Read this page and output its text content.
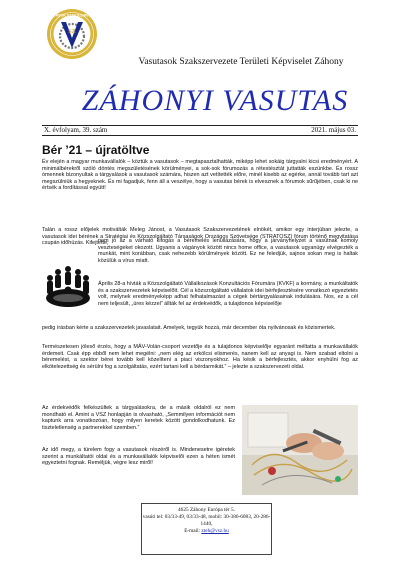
VASUTASOK SZAKSZERVEZETE
SZ
Vasutasok Szakszervezete Területi Képviselet Záhony
ZÁHONYI VASUTAS
X. évfolyam, 39. szám	2021. május 03.
Bér ’21 – újratöltve
Év elején a magyar munkavállalók – köztük a vasutasok – megtapasztalhatták, miképp lehet sokáig tárgyalni kicsi eredményért. A minimálbérekről szóló döntés megszületésének körülményei, a sok-sok fórumozás a rétestésztát juttatták eszünkbe. És rossz ómennek bizonyultak a tárgyalások a vasutasok számára, hiszen azt vetítették előre, minél kisebb az egérke, annál tovább tart azt megszülniük a hegyeknek. És mi fagadjuk, fenn áll a veszélye, hogy a vasutas bérek is elvesznek a fórumok sűrűjében, csak ki ne értsék a fordítással együtt!
Talán a rossz előjelek motiválták Meleg Jánost, a Vasutasok Szakszervezetének elnökét, amikor egy interjúban jelezte, a vasutasok idei bérének a Stratégiai és Közszolgáltató Társaságok Országos Szövetsége (STRATOSZ) fórum történő megvitatása csupán időhúzás. Kifejtette,
nem jó az a várható kifogás a béremelés lenullázására, hogy a járványhelyzet a vasútnak komoly veszteségeket okozott. Ugyanis a vágányok között nincs home office, a vasutasok ugyanúgy elvégezték a munkát, mint korábban, csak nehezebb körülmények között. Ez ne feledjük, sajnos sokan meg is haltak közülük a vírus miatt.
Április 28-a hívták a Közszolgáltató Vállalkozások Konzultációs Fórumára (KVKF) a kormány, a munkáltatók és a szakszervezetek képviselőit. Cél a közszolgáltató vállalatok idei bérfejlesztésére vonatkozó egyeztetés volt, melynek eredményeképp adhat felhatalmazást a cégek bértárgyalásainak indulására. Nos, ez a cél nem teljesült, „üres kézzel” állták fel az érdekvédők, a tulajdonos képviselője
pedig írásban kérte a szakszervezetek javaslatait. Amelyek, tegyük hozzá, már december óta nyilvánosak és közismertek.
Természetesen jóleső érzés, hogy a MÁV-Volán-csoport vezetője és a tulajdonos képviselője egyaránt méltatta a munkavállalók érdemeit. Csak épp ebből nem lehet megélni: „nem elég az erkölcsi elismerés, nanem kell az anyagi is. Nem szabad eltolni a béremelést, a szektor bérei tovább kell közelíteni a piaci viszonyokhoz. Ha késik a bérfejlesztés, akkor enyhülni fog az elkötelezettség és sérülni fog a szolgáltatás, ezért tartani kell a bérdarmikát.” – jelezte a szakszervezeti oldal.
Az érdekvédők felkészültek a tárgyalásokra, de a másik oldalról ez nem mondható el. Amint a VSZ honlapján is olvasható, „Semmilyen információt nem kaptunk arra vonatkozóan, hogy milyen keretek között gondolkodhatunk. Ez tiszteletlenség a partnerekkel szemben.”
Az idő megy, a türelem fogy a vasutasok részéről is. Mindenesetre igéretek szerint a munkáltatói oldal és a munkavállalók képviselői ezen a héten ismét egyeztetni fognak. Reméljük, végre lesz miről!
4625 Záhony Európa tér 5.
vasúti tel: 03/33-49, 03/33-48, mobil: 30-386-6083, 20-286-1440,
E-mail: zteh@vsz.hu
